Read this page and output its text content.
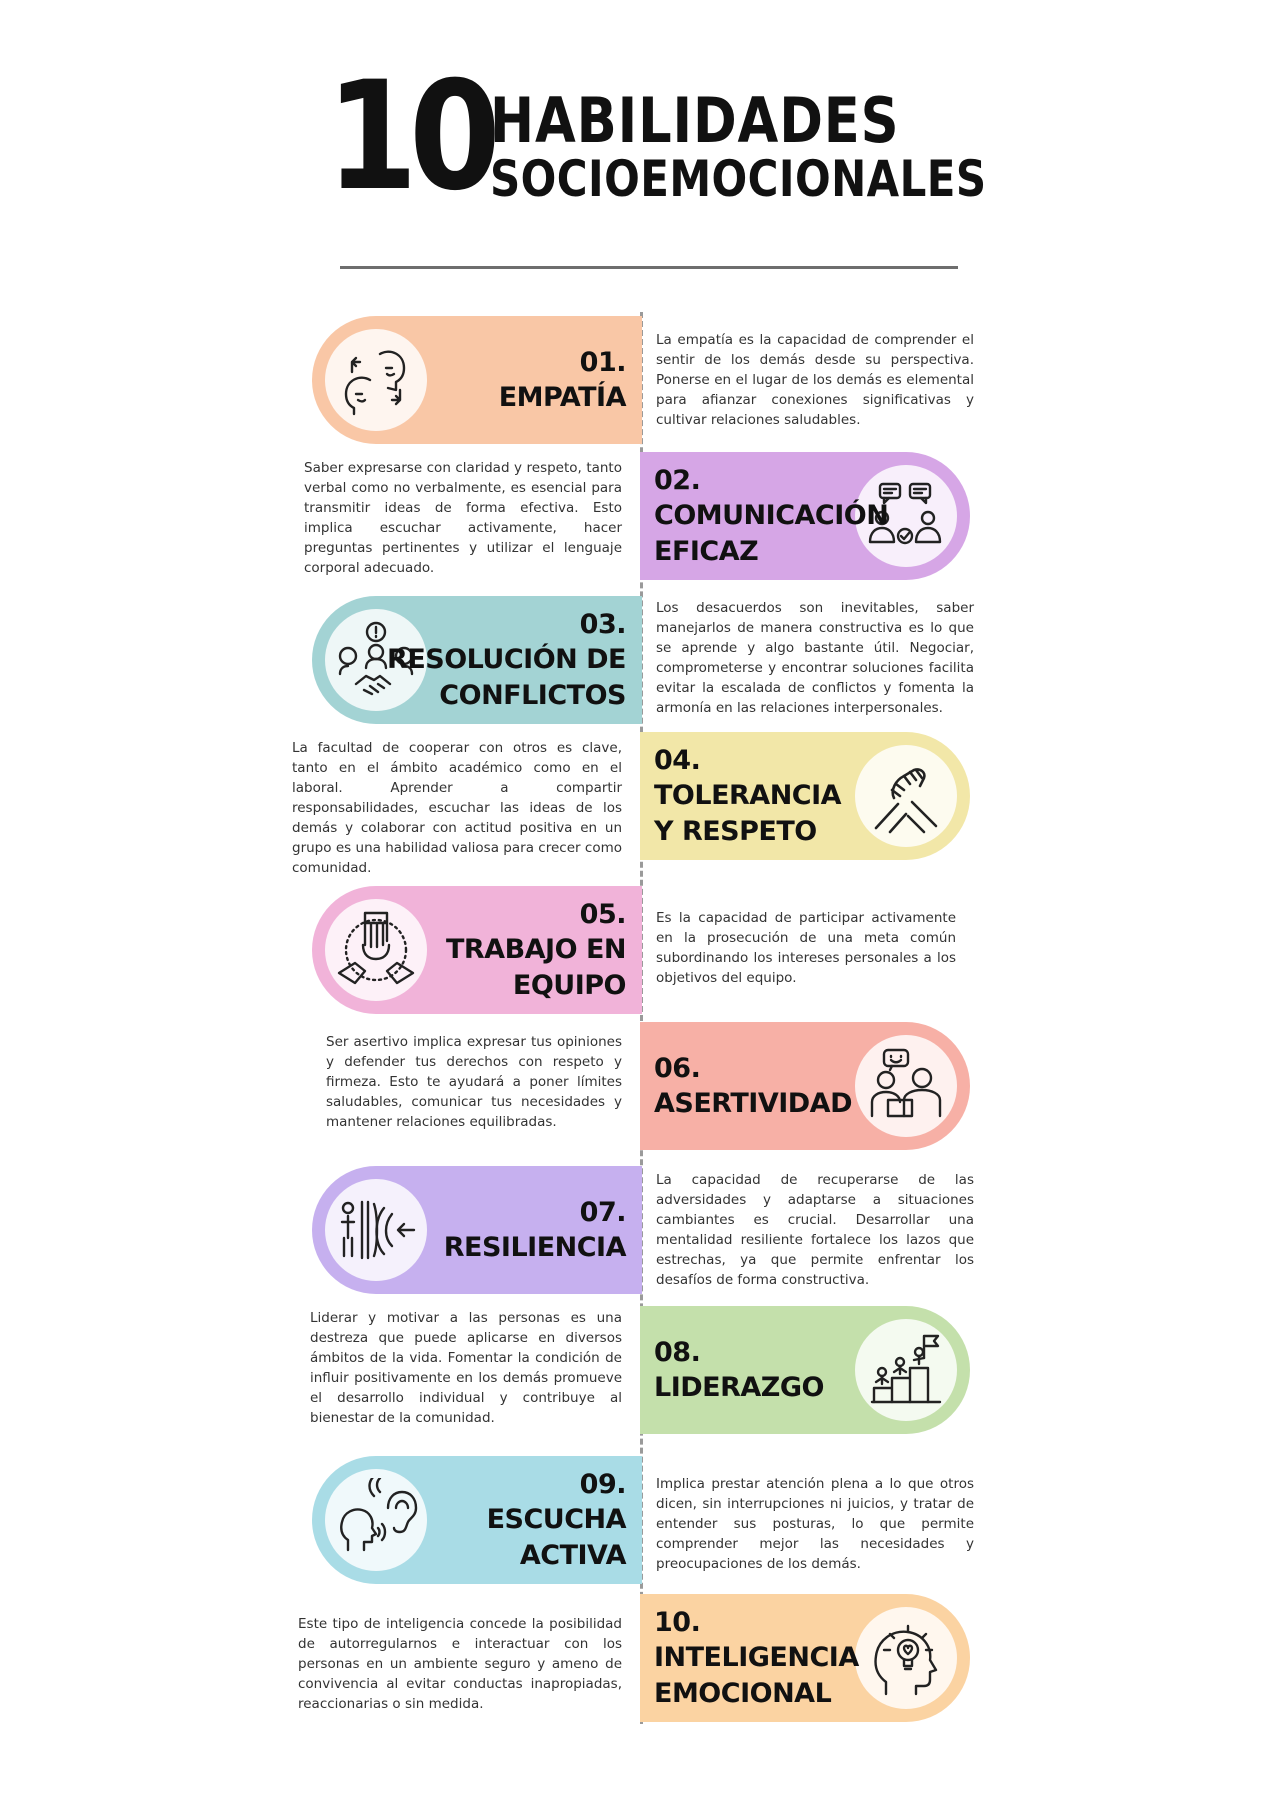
10
HABILIDADES
SOCIOEMOCIONALES
01.
EMPATÍA
La empatía es la capacidad de comprender el sentir de los demás desde su perspectiva. Ponerse en el lugar de los demás es elemental para afianzar conexiones significativas y cultivar relaciones saludables.
02.
COMUNICACIÓN
EFICAZ
Saber expresarse con claridad y respeto, tanto verbal como no verbalmente, es esencial para transmitir ideas de forma efectiva. Esto implica escuchar activamente, hacer preguntas pertinentes y utilizar el lenguaje corporal adecuado.
03.
RESOLUCIÓN DE
CONFLICTOS
Los desacuerdos son inevitables, saber manejarlos de manera constructiva es lo que se aprende y algo bastante útil. Negociar, comprometerse y encontrar soluciones facilita evitar la escalada de conflictos y fomenta la armonía en las relaciones interpersonales.
04.
TOLERANCIA
Y RESPETO
La facultad de cooperar con otros es clave, tanto en el ámbito académico como en el laboral. Aprender a compartir responsabilidades, escuchar las ideas de los demás y colaborar con actitud positiva en un grupo es una habilidad valiosa para crecer como comunidad.
05.
TRABAJO EN
EQUIPO
Es la capacidad de participar activamente en la prosecución de una meta común subordinando los intereses personales a los objetivos del equipo.
06.
ASERTIVIDAD
Ser asertivo implica expresar tus opiniones y defender tus derechos con respeto y firmeza. Esto te ayudará a poner límites saludables, comunicar tus necesidades y mantener relaciones equilibradas.
07.
RESILIENCIA
La capacidad de recuperarse de las adversidades y adaptarse a situaciones cambiantes es crucial. Desarrollar una mentalidad resiliente fortalece los lazos que estrechas, ya que permite enfrentar los desafíos de forma constructiva.
08.
LIDERAZGO
Liderar y motivar a las personas es una destreza que puede aplicarse en diversos ámbitos de la vida. Fomentar la condición de influir positivamente en los demás promueve el desarrollo individual y contribuye al bienestar de la comunidad.
09.
ESCUCHA
ACTIVA
Implica prestar atención plena a lo que otros dicen, sin interrupciones ni juicios, y tratar de entender sus posturas, lo que permite comprender mejor las necesidades y preocupaciones de los demás.
10.
INTELIGENCIA
EMOCIONAL
Este tipo de inteligencia concede la posibilidad de autorregularnos e interactuar con los personas en un ambiente seguro y ameno de convivencia al evitar conductas inapropiadas, reaccionarias o sin medida.
